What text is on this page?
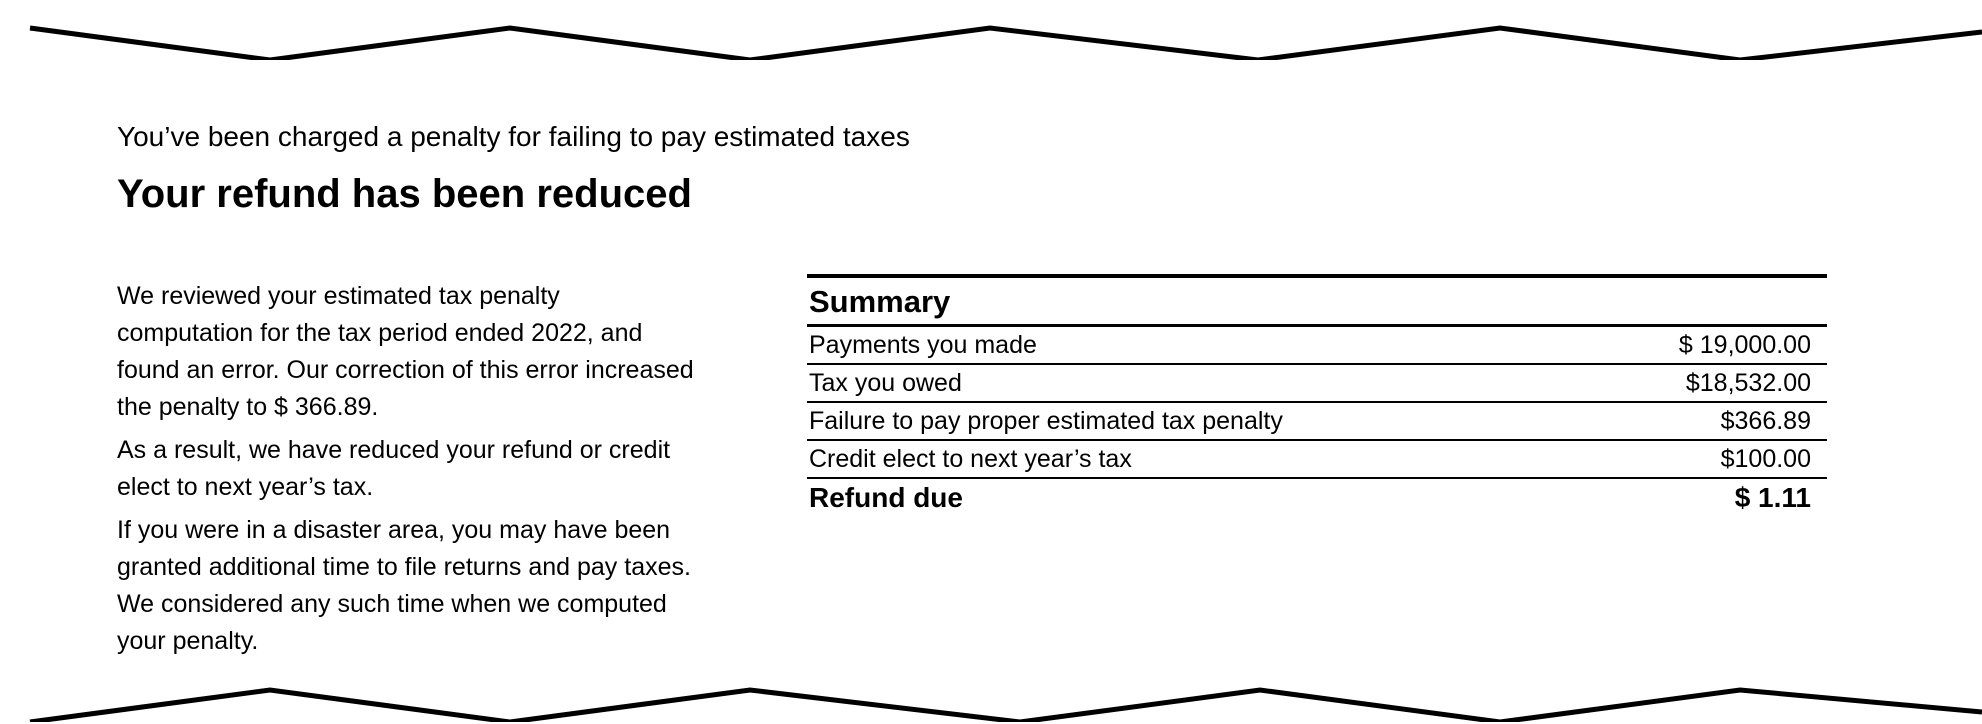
You’ve been charged a penalty for failing to pay estimated taxes
Your refund has been reduced

We reviewed your estimated tax penalty computation for the tax period ended 2022, and found an error. Our correction of this error increased the penalty to $ 366.89.

As a result, we have reduced your refund or credit elect to next year’s tax.

If you were in a disaster area, you may have been granted additional time to file returns and pay taxes. We considered any such time when we computed your penalty.

Summary
Payments you made	$ 19,000.00
Tax you owed	$18,532.00
Failure to pay proper estimated tax penalty	$366.89
Credit elect to next year’s tax	$100.00
Refund due	$ 1.11
